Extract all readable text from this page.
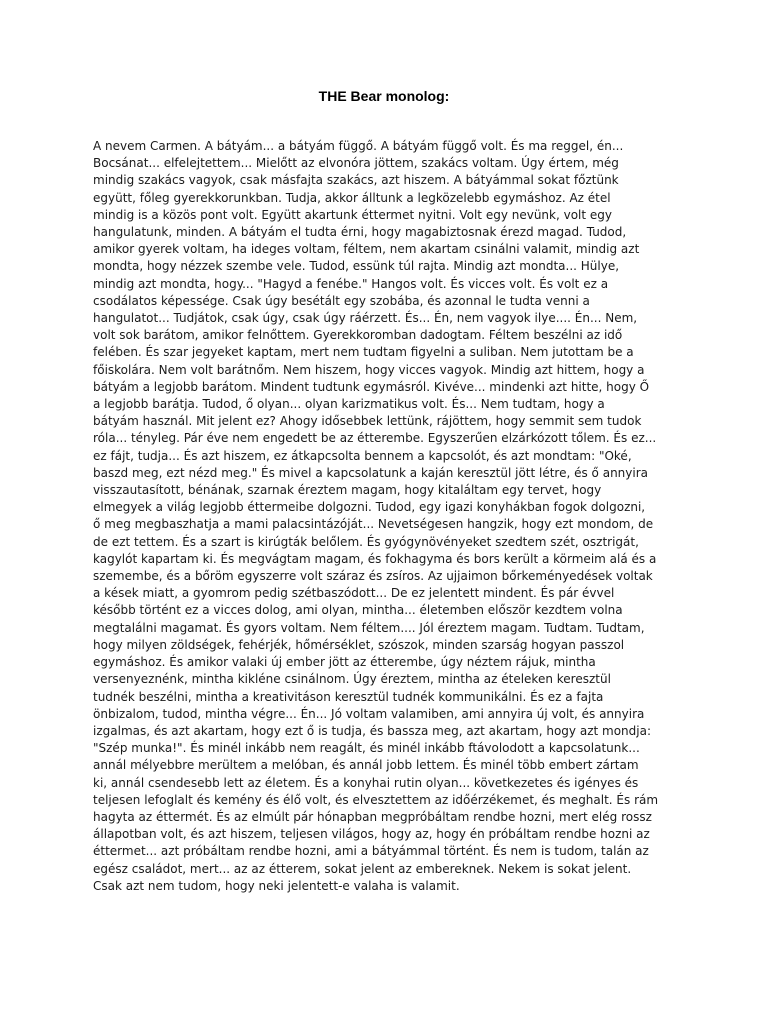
THE Bear monolog:
A nevem Carmen. A bátyám... a bátyám függő. A bátyám függő volt. És ma reggel, én...
Bocsánat... elfelejtettem... Mielőtt az elvonóra jöttem, szakács voltam. Úgy értem, még
mindig szakács vagyok, csak másfajta szakács, azt hiszem. A bátyámmal sokat főztünk
együtt, főleg gyerekkorunkban. Tudja, akkor álltunk a legközelebb egymáshoz. Az étel
mindig is a közös pont volt. Együtt akartunk éttermet nyitni. Volt egy nevünk, volt egy
hangulatunk, minden. A bátyám el tudta érni, hogy magabiztosnak érezd magad. Tudod,
amikor gyerek voltam, ha ideges voltam, féltem, nem akartam csinálni valamit, mindig azt
mondta, hogy nézzek szembe vele. Tudod, essünk túl rajta. Mindig azt mondta... Hülye,
mindig azt mondta, hogy... "Hagyd a fenébe." Hangos volt. És vicces volt. És volt ez a
csodálatos képessége. Csak úgy besétált egy szobába, és azonnal le tudta venni a
hangulatot... Tudjátok, csak úgy, csak úgy ráérzett. És... Én, nem vagyok ilye.... Én... Nem,
volt sok barátom, amikor felnőttem. Gyerekkoromban dadogtam. Féltem beszélni az idő
felében. És szar jegyeket kaptam, mert nem tudtam figyelni a suliban. Nem jutottam be a
főiskolára. Nem volt barátnőm. Nem hiszem, hogy vicces vagyok. Mindig azt hittem, hogy a
bátyám a legjobb barátom. Mindent tudtunk egymásról. Kivéve... mindenki azt hitte, hogy Ő
a legjobb barátja. Tudod, ő olyan... olyan karizmatikus volt. És... Nem tudtam, hogy a
bátyám használ. Mit jelent ez? Ahogy idősebbek lettünk, rájöttem, hogy semmit sem tudok
róla... tényleg. Pár éve nem engedett be az étterembe. Egyszerűen elzárkózott tőlem. És ez...
ez fájt, tudja... És azt hiszem, ez átkapcsolta bennem a kapcsolót, és azt mondtam: "Oké,
baszd meg, ezt nézd meg." És mivel a kapcsolatunk a kaján keresztül jött létre, és ő annyira
visszautasított, bénának, szarnak éreztem magam, hogy kitaláltam egy tervet, hogy
elmegyek a világ legjobb éttermeibe dolgozni. Tudod, egy igazi konyhákban fogok dolgozni,
ő meg megbaszhatja a mami palacsintázóját... Nevetségesen hangzik, hogy ezt mondom, de
de ezt tettem. És a szart is kirúgták belőlem. És gyógynövényeket szedtem szét, osztrigát,
kagylót kapartam ki. És megvágtam magam, és fokhagyma és bors került a körmeim alá és a
szemembe, és a bőröm egyszerre volt száraz és zsíros. Az ujjaimon bőrkeményedések voltak
a kések miatt, a gyomrom pedig szétbaszódott... De ez jelentett mindent. És pár évvel
később történt ez a vicces dolog, ami olyan, mintha... életemben először kezdtem volna
megtalálni magamat. És gyors voltam. Nem féltem.... Jól éreztem magam. Tudtam. Tudtam,
hogy milyen zöldségek, fehérjék, hőmérséklet, szószok, minden szarság hogyan passzol
egymáshoz. És amikor valaki új ember jött az étterembe, úgy néztem rájuk, mintha
versenyeznénk, mintha kikléne csinálnom. Úgy éreztem, mintha az ételeken keresztül
tudnék beszélni, mintha a kreativitáson keresztül tudnék kommunikálni. És ez a fajta
önbizalom, tudod, mintha végre... Én... Jó voltam valamiben, ami annyira új volt, és annyira
izgalmas, és azt akartam, hogy ezt ő is tudja, és bassza meg, azt akartam, hogy azt mondja:
"Szép munka!". És minél inkább nem reagált, és minél inkább ftávolodott a kapcsolatunk...
annál mélyebbre merültem a melóban, és annál jobb lettem. És minél több embert zártam
ki, annál csendesebb lett az életem. És a konyhai rutin olyan... következetes és igényes és
teljesen lefoglalt és kemény és élő volt, és elvesztettem az időérzékemet, és meghalt. És rám
hagyta az éttermét. És az elmúlt pár hónapban megpróbáltam rendbe hozni, mert elég rossz
állapotban volt, és azt hiszem, teljesen világos, hogy az, hogy én próbáltam rendbe hozni az
éttermet... azt próbáltam rendbe hozni, ami a bátyámmal történt. És nem is tudom, talán az
egész családot, mert... az az étterem, sokat jelent az embereknek. Nekem is sokat jelent.
Csak azt nem tudom, hogy neki jelentett-e valaha is valamit.
